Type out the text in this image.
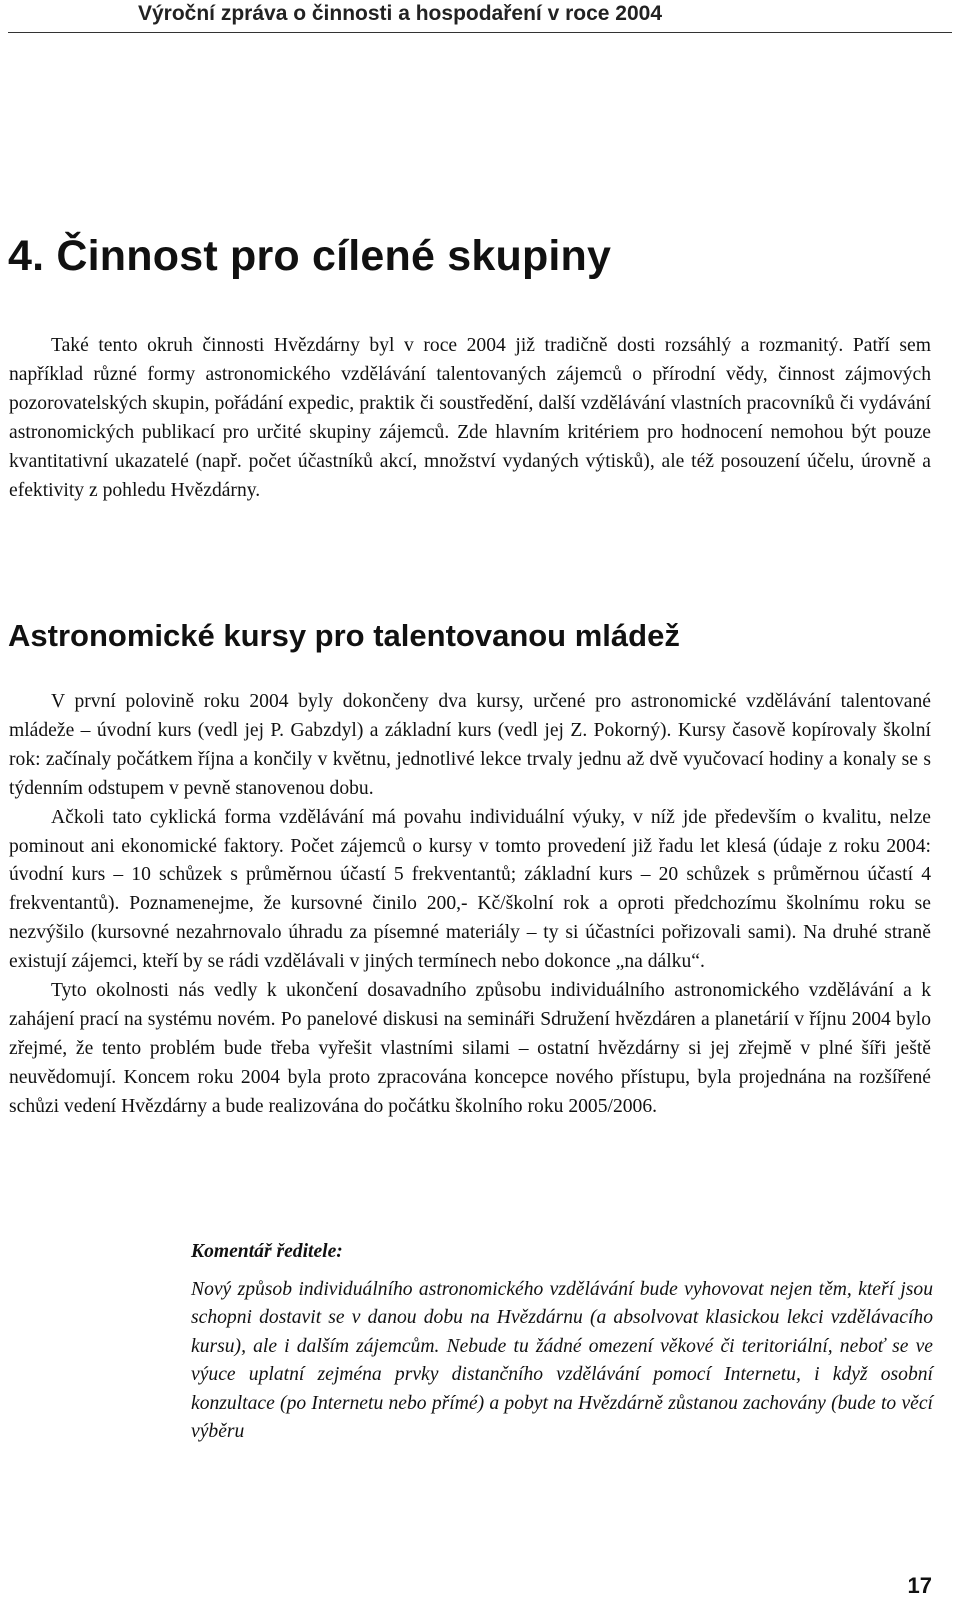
Výroční zpráva o činnosti a hospodaření v roce 2004
4. Činnost pro cílené skupiny

Také tento okruh činnosti Hvězdárny byl v roce 2004 již tradičně dosti rozsáhlý a rozmanitý. Patří sem například různé formy astronomického vzdělávání talentovaných zájemců o přírodní vědy, činnost zájmových pozorovatelských skupin, pořádání expedic, praktik či soustředění, další vzdělávání vlastních pracovníků či vydávání astronomických publikací pro určité skupiny zájemců. Zde hlavním kritériem pro hodnocení nemohou být pouze kvantitativní ukazatelé (např. počet účastníků akcí, množství vydaných výtisků), ale též posouzení účelu, úrovně a efektivity z pohledu Hvězdárny.

Astronomické kursy pro talentovanou mládež

V první polovině roku 2004 byly dokončeny dva kursy, určené pro astronomické vzdělávání talentované mládeže – úvodní kurs (vedl jej P. Gabzdyl) a základní kurs (vedl jej Z. Pokorný). Kursy časově kopírovaly školní rok: začínaly počátkem října a končily v květnu, jednotlivé lekce trvaly jednu až dvě vyučovací hodiny a konaly se s týdenním odstupem v pevně stanovenou dobu.

Ačkoli tato cyklická forma vzdělávání má povahu individuální výuky, v níž jde především o kvalitu, nelze pominout ani ekonomické faktory. Počet zájemců o kursy v tomto provedení již řadu let klesá (údaje z roku 2004: úvodní kurs – 10 schůzek s průměrnou účastí 5 frekventantů; základní kurs – 20 schůzek s průměrnou účastí 4 frekventantů). Poznamenejme, že kursovné činilo 200,- Kč/školní rok a oproti předchozímu školnímu roku se nezvýšilo (kursovné nezahrnovalo úhradu za písemné materiály – ty si účastníci pořizovali sami). Na druhé straně existují zájemci, kteří by se rádi vzdělávali v jiných termínech nebo dokonce „na dálku“.

Tyto okolnosti nás vedly k ukončení dosavadního způsobu individuálního astronomického vzdělávání a k zahájení prací na systému novém. Po panelové diskusi na semináři Sdružení hvězdáren a planetárií v říjnu 2004 bylo zřejmé, že tento problém bude třeba vyřešit vlastními silami – ostatní hvězdárny si jej zřejmě v plné šíři ještě neuvědomují. Koncem roku 2004 byla proto zpracována koncepce nového přístupu, byla projednána na rozšířené schůzi vedení Hvězdárny a bude realizována do počátku školního roku 2005/2006.

Komentář ředitele:
Nový způsob individuálního astronomického vzdělávání bude vyhovovat nejen těm, kteří jsou schopni dostavit se v danou dobu na Hvězdárnu (a absolvovat klasickou lekci vzdělávacího kursu), ale i dalším zájemcům. Nebude tu žádné omezení věkové či teritoriální, neboť se ve výuce uplatní zejména prvky distančního vzdělávání pomocí Internetu, i když osobní konzultace (po Internetu nebo přímé) a pobyt na Hvězdárně zůstanou zachovány (bude to věcí výběru
17
